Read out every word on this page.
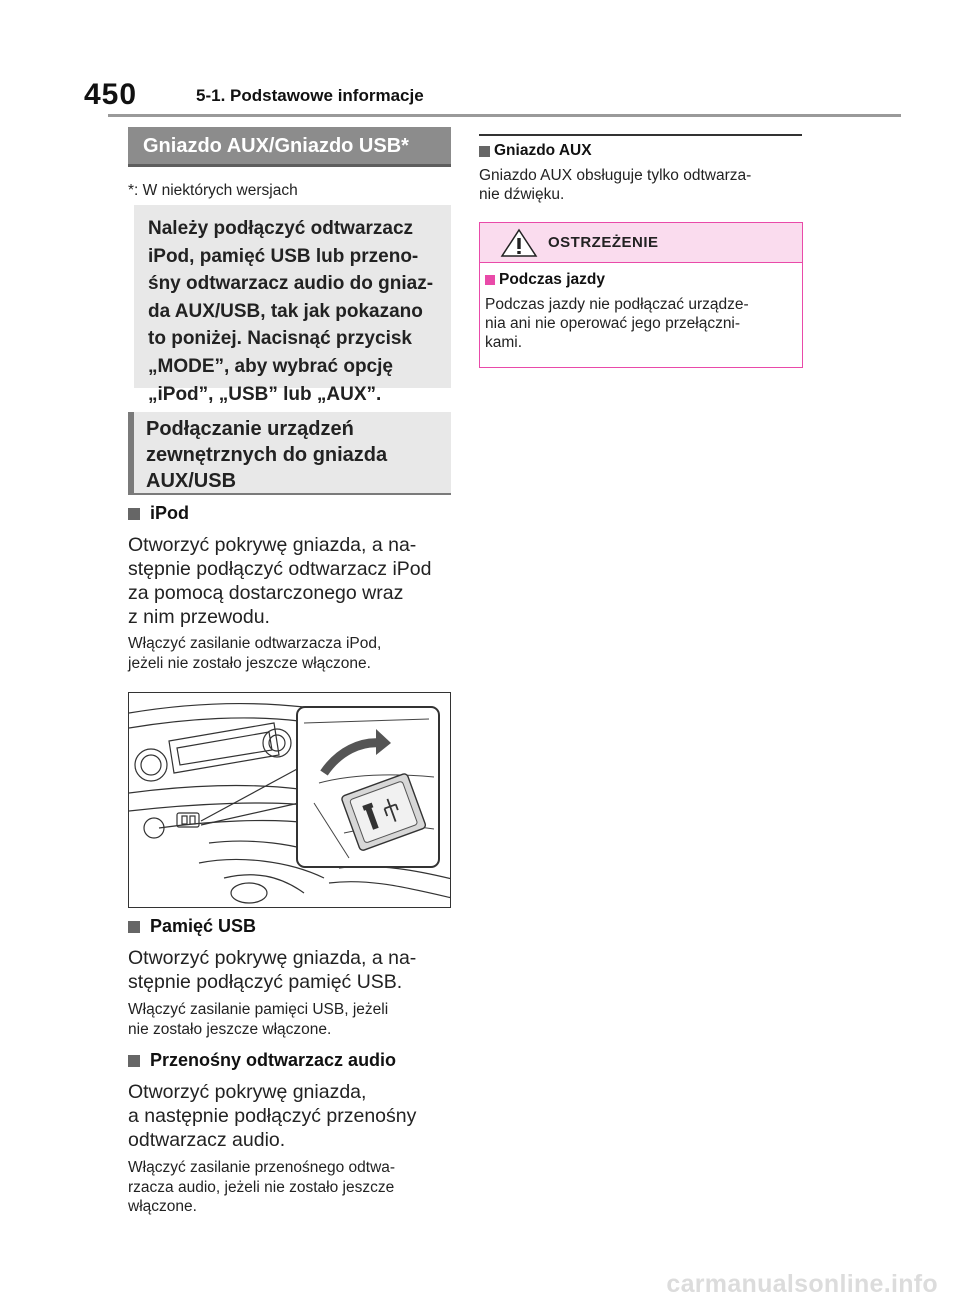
450	5-1. Podstawowe informacje
Gniazdo AUX/Gniazdo USB*
*: W niektórych wersjach
Należy podłączyć odtwarzacz
iPod, pamięć USB lub przeno-
śny odtwarzacz audio do gniaz-
da AUX/USB, tak jak pokazano
to poniżej. Nacisnąć przycisk
„MODE”, aby wybrać opcję
„iPod”, „USB” lub „AUX”.
Podłączanie urządzeń
zewnętrznych do gniazda
AUX/USB
iPod
Otworzyć pokrywę gniazda, a na-
stępnie podłączyć odtwarzacz iPod
za pomocą dostarczonego wraz
z nim przewodu.
Włączyć zasilanie odtwarzacza iPod,
jeżeli nie zostało jeszcze włączone.
Pamięć USB
Otworzyć pokrywę gniazda, a na-
stępnie podłączyć pamięć USB.
Włączyć zasilanie pamięci USB, jeżeli
nie zostało jeszcze włączone.
Przenośny odtwarzacz audio
Otworzyć pokrywę gniazda,
a następnie podłączyć przenośny
odtwarzacz audio.
Włączyć zasilanie przenośnego odtwa-
rzacza audio, jeżeli nie zostało jeszcze
włączone.
Gniazdo AUX
Gniazdo AUX obsługuje tylko odtwarza-
nie dźwięku.
OSTRZEŻENIE
Podczas jazdy
Podczas jazdy nie podłączać urządze-
nia ani nie operować jego przełączni-
kami.
carmanualsonline.info
